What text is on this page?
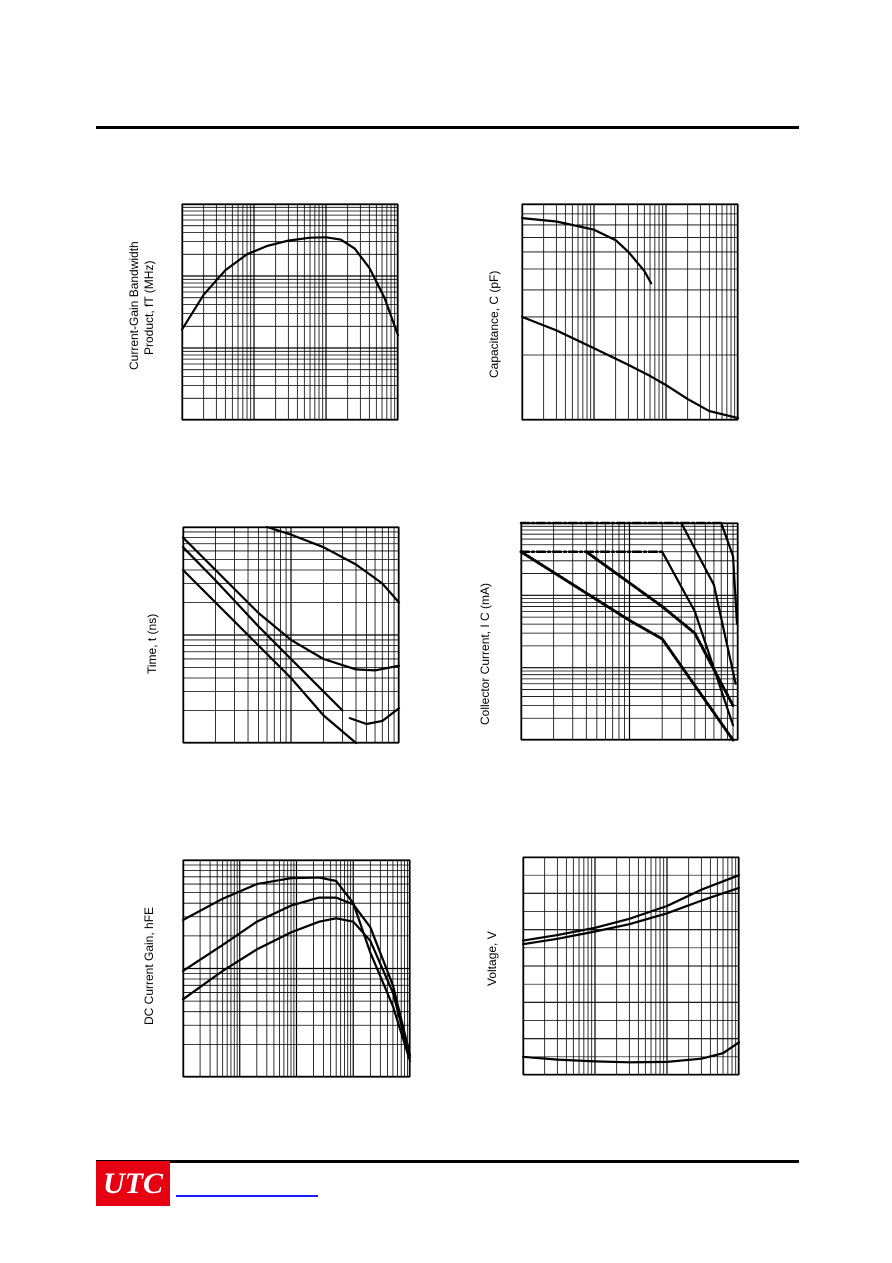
Current-Gain Bandwidth Product, fT (MHz)	Capacitance, C (pF)
Time, t (ns)	Collector Current, I C (mA)
DC Current Gain, hFE	Voltage, V
UTC
